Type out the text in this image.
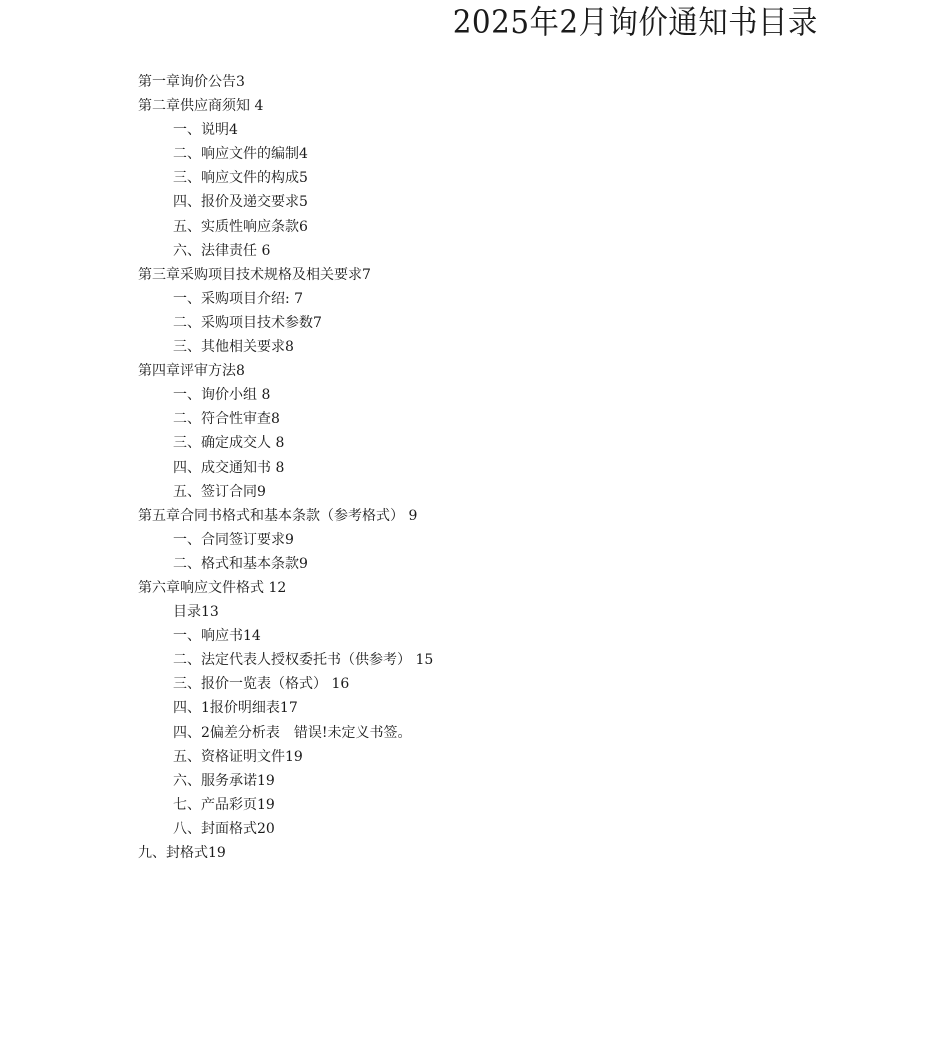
2025年2月询价通知书目录
第一章询价公告3
第二章供应商须知 4
一、说明4
二、响应文件的编制4
三、响应文件的构成5
四、报价及递交要求5
五、实质性响应条款6
六、法律责任 6
第三章采购项目技术规格及相关要求7
一、采购项目介绍: 7
二、采购项目技术参数7
三、其他相关要求8
第四章评审方法8
一、询价小组 8
二、符合性审查8
三、确定成交人 8
四、成交通知书 8
五、签订合同9
第五章合同书格式和基本条款（参考格式） 9
一、合同签订要求9
二、格式和基本条款9
第六章响应文件格式 12
目录13
一、响应书14
二、法定代表人授权委托书（供参考） 15
三、报价一览表（格式） 16
四、1报价明细表17
四、2偏差分析表　错误!未定义书签。
五、资格证明文件19
六、服务承诺19
七、产品彩页19
八、封面格式20
九、封格式19
